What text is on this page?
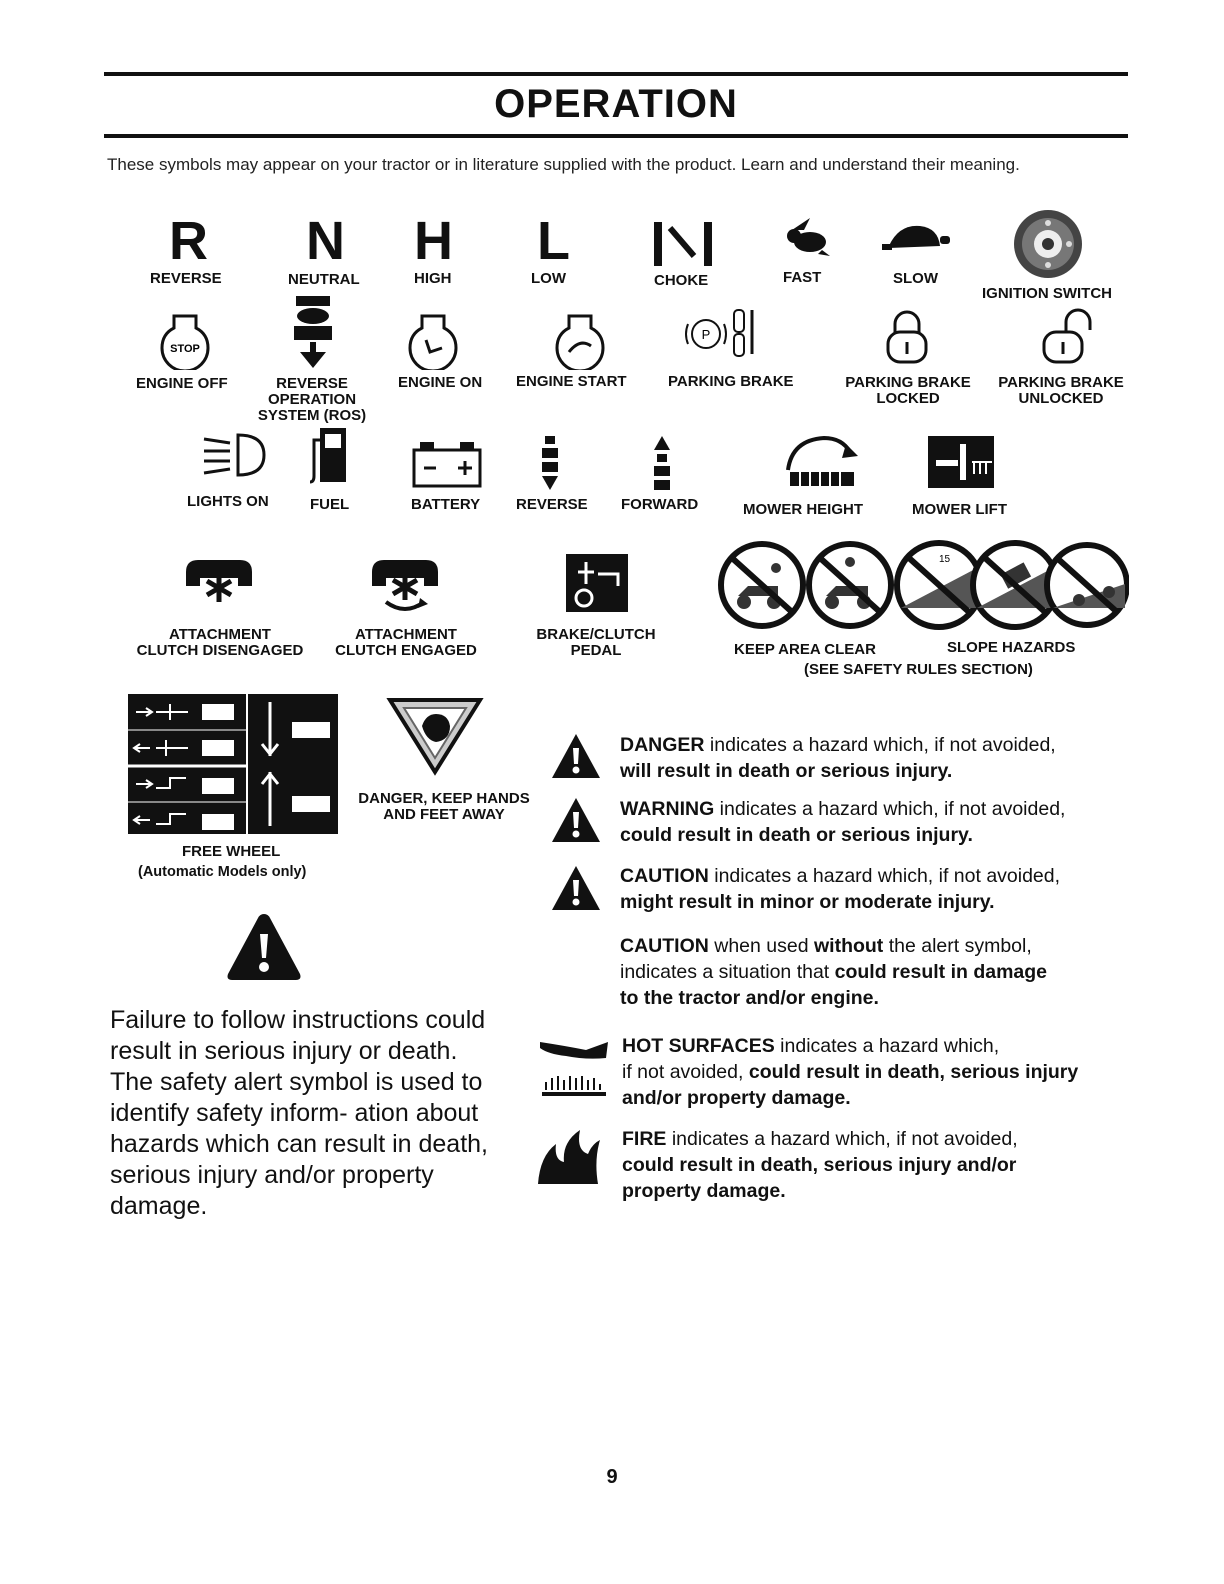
OPERATION
These symbols may appear on your tractor or in literature supplied with the product. Learn and understand their meaning.
R
REVERSE
N
NEUTRAL
H
HIGH
L
LOW	CHOKE	FAST	SLOW
IGNITION SWITCH
STOP
ENGINE OFF	REVERSE
OPERATION
SYSTEM (ROS)
ENGINE ON ENGINE START
P
PARKING BRAKE	PARKING BRAKE
LOCKED
PARKING BRAKE
UNLOCKED
LIGHTS ON	FUEL	BATTERY REVERSE FORWARD	MOWER HEIGHT	MOWER LIFT
ATTACHMENT
CLUTCH DISENGAGED
ATTACHMENT
CLUTCH ENGAGED
BRAKE/CLUTCH
PEDAL
15
KEEP AREA CLEAR	SLOPE HAZARDS
(SEE SAFETY RULES SECTION)
FREE WHEEL
(Automatic Models only)
DANGER, KEEP HANDS
AND FEET AWAY
Failure to follow instructions could result in serious injury or death. The safety alert symbol is used to identify safety inform- ation about hazards which can result in death, serious injury and/or property damage.
DANGER indicates a hazard which, if not avoided,
will result in death or serious injury.
WARNING indicates a hazard which, if not avoided,
could result in death or serious injury.
CAUTION indicates a hazard which, if not avoided,
might result in minor or moderate injury.
CAUTION when used without the alert symbol,
indicates a situation that could result in damage
to the tractor and/or engine.
HOT SURFACES indicates a hazard which,
if not avoided, could result in death, serious injury
and/or property damage.
FIRE indicates a hazard which, if not avoided,
could result in death, serious injury and/or
property damage.
9
